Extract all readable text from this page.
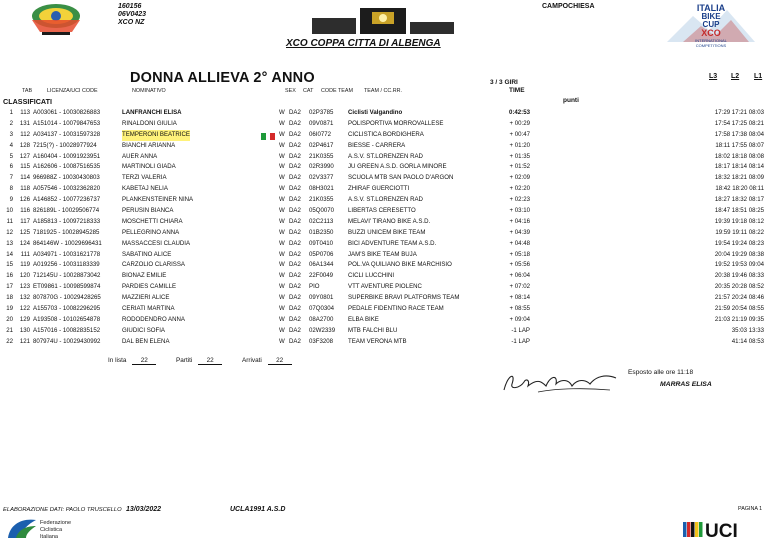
160156
06V0423
XCO NZ
CAMPOCHIESA	ITALIA
BIKE
CUP
XCO
INTERNATIONAL
COMPETITIONS
XCO COPPA CITTA DI ALBENGA
DONNA ALLIEVA 2° ANNO	3 / 3 GIRI
TIME
punti
L3 L2 L1
TAB	LICENZA/UCI CODE	NOMINATIVO	SEX CAT CODE TEAM TEAM / CC.RR.
CLASSIFICATI
1	113 A003061 - 10030826883	LANFRANCHI ELISA	W DA2 02P3785 Ciclisti Valgandino	0:42:53	17:29 17:21 08:03
2	131 A151014 - 10079847653	RINALDONI GIULIA	W DA2 09V0871 POLISPORTIVA MORROVALLESE	+ 00:29	17:54 17:25 08:21
3	112 A034137 - 10031597328	TEMPERONI BEATRICE	W DA2 06I0772	CICLISTICA BORDIGHERA	+ 00:47	17:58 17:38 08:04
4	128 7215(?) - 10028977924	BIANCHI ARIANNA	W DA2 02P4617 BIESSE - CARRERA	+ 01:20	18:11 17:55 08:07
5	127 A160404 - 10091923951	AUER ANNA	W DA2 21K0355 A.S.V. ST.LORENZEN RAD	+ 01:35	18:02 18:18 08:08
6	115 A162606 - 10087516535	MARTINOLI GIADA	W DA2 02R3990 JU GREEN A.S.D. GORLA MINORE	+ 01:52	18:17 18:14 08:14
7	114 966988Z - 10030430803	TERZI VALERIA	W DA2 02V3377 SCUOLA MTB SAN PAOLO D'ARGON	+ 02:09	18:32 18:21 08:09
8	118 A057546 - 10032362820	KABETAJ NELIA	W DA2 08H3021 ZHIRAF GUERCIOTTI	+ 02:20	18:42 18:20 08:11
9	126 A146852 - 10077236737	PLANKENSTEINER NINA	W DA2 21K0355 A.S.V. ST.LORENZEN RAD	+ 02:23	18:27 18:32 08:17
10	116 826189L - 10029506774	PERUSIN BIANCA	W DA2 05Q0070 LIBERTAS CERESETTO	+ 03:10	18:47 18:51 08:25
11	117 A185813 - 10097218333	MOSCHETTI CHIARA	W DA2 02C2113 MELAVI' TIRANO BIKE A.S.D.	+ 04:16	19:39 19:18 08:12
12	125 7181925 - 10028945285	PELLEGRINO ANNA	W DA2 01B2350 BUZZI UNICEM BIKE TEAM	+ 04:39	19:59 19:11 08:22
13	124 864146W - 10029696431	MASSACCESI CLAUDIA	W DA2 09T0410 BICI ADVENTURE TEAM A.S.D.	+ 04:48	19:54 19:24 08:23
14	111 A034971 - 10031621778	SABATINO ALICE	W DA2 05P0706 JAM'S BIKE TEAM BUJA	+ 05:18	20:04 19:29 08:38
15	119 A019256 - 10031183339	CARZOLIO CLARISSA	W DA2 06A1344 POL.VA QUILIANO BIKE MARCHISIO	+ 05:56	19:52 19:53 09:04
16	120 712145U - 10028873042	BIONAZ EMILIE	W DA2 22F0049 CICLI LUCCHINI	+ 06:04	20:38 19:46 08:33
17	123 ET09861 - 10098599874	PARDIES CAMILLE	W DA2 PIO	VTT AVENTURE PIOLENC	+ 07:02	20:35 20:28 08:52
18	132 807870G - 10029428265	MAZZIERI ALICE	W DA2 09Y0801 SUPERBIKE BRAVI PLATFORMS TEAM	+ 08:14	21:57 20:24 08:46
19	122 A155703 - 10082296295	CERIATI MARTINA	W DA2 07Q0304 PEDALE FIDENTINO RACE TEAM	+ 08:55	21:59 20:54 08:55
20	129 A193508 - 10102654878	RODODENDRO ANNA	W DA2 08A2700 ELBA BIKE	+ 09:04	21:03 21:19 09:35
21	130 A157016 - 10082835152	GIUDICI SOFIA	W DA2 02W2339 MTB FALCHI BLU	-1 LAP	35:03 13:33
22	121 807974U - 10029430992	DAL BEN ELENA	W DA2 03F3208 TEAM VERONA MTB	-1 LAP	41:14 08:53
In lista 22	Partiti 22	Arrivati 22
Esposto alle ore 11:18
MARRAS ELISA
ELABORAZIONE DATI: PAOLO TRUSCELLO 13/03/2022	UCLA1991 A.S.D	PAGINA 1
Federazione
Ciclistica
Italiana	UCI
